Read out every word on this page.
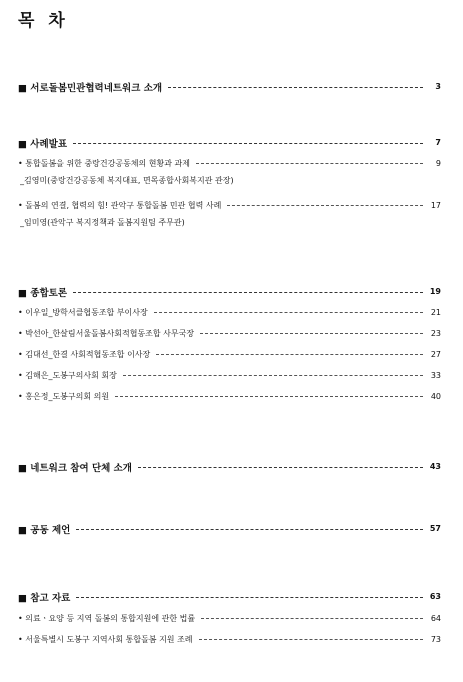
목 차
■ 서로돌봄민관협력네트워크 소개	3
■ 사례발표	7
• 통합돌봄을 위한 중랑건강공동체의 현황과 과제	9
_김영미(중랑건강공동체 복지대표, 면목종합사회복지관 관장)
• 돌봄의 연결, 협력의 힘! 관악구 통합돌봄 민관 협력 사례	17
_임미영(관악구 복지정책과 돌봄지원팀 주무관)
■ 종합토론	19
• 이우일_방학서클협동조합 부이사장	21
• 박선아_한살림서울돌봄사회적협동조합 사무국장	23
• 김대선_한결 사회적협동조합 이사장	27
• 김해은_도봉구의사회 회장	33
• 홍은정_도봉구의회 의원	40
■ 네트워크 참여 단체 소개	43
■ 공동 제언	57
■ 참고 자료	63
• 의료ㆍ요양 등 지역 돌봄의 통합지원에 관한 법률	64
• 서울특별시 도봉구 지역사회 통합돌봄 지원 조례	73
